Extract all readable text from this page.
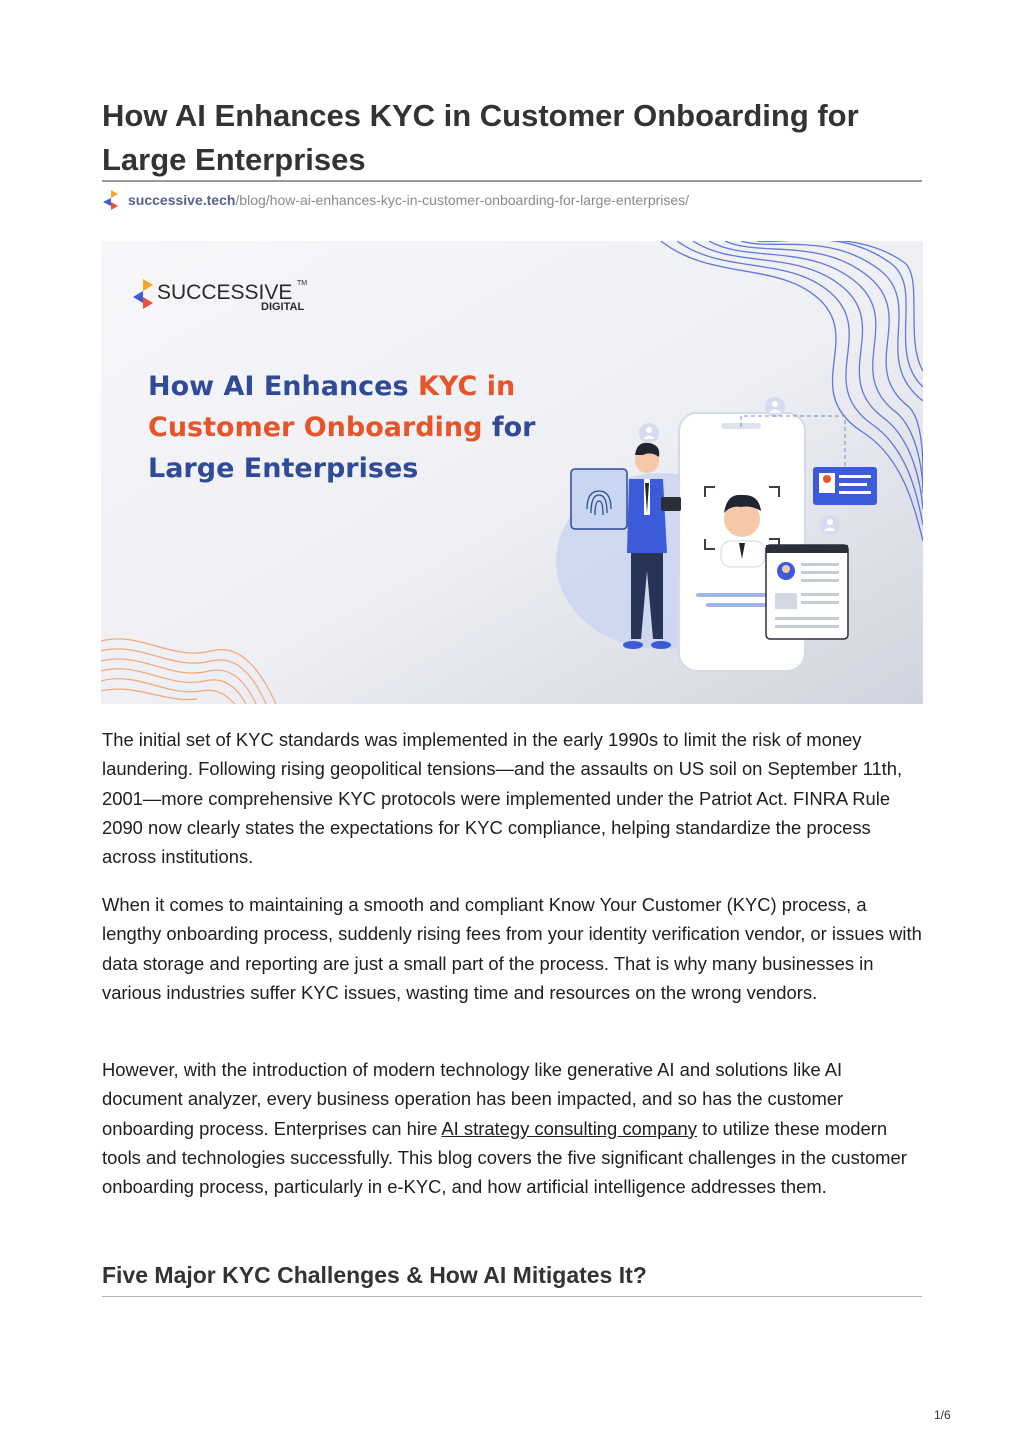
How AI Enhances KYC in Customer Onboarding for Large Enterprises
successive.tech /blog/how-ai-enhances-kyc-in-customer-onboarding-for-large-enterprises/
SUCCESSIVE TM
DIGITAL
How AI Enhances KYC in
Customer Onboarding for
Large Enterprises

The initial set of KYC standards was implemented in the early 1990s to limit the risk of money laundering. Following rising geopolitical tensions—and the assaults on US soil on September 11th, 2001—more comprehensive KYC protocols were implemented under the Patriot Act. FINRA Rule 2090 now clearly states the expectations for KYC compliance, helping standardize the process across institutions.

When it comes to maintaining a smooth and compliant Know Your Customer (KYC) process, a lengthy onboarding process, suddenly rising fees from your identity verification vendor, or issues with data storage and reporting are just a small part of the process. That is why many businesses in various industries suffer KYC issues, wasting time and resources on the wrong vendors.

However, with the introduction of modern technology like generative AI and solutions like AI document analyzer, every business operation has been impacted, and so has the customer onboarding process. Enterprises can hire AI strategy consulting company to utilize these modern tools and technologies successfully. This blog covers the five significant challenges in the customer onboarding process, particularly in e-KYC, and how artificial intelligence addresses them.

Five Major KYC Challenges & How AI Mitigates It?
1/6
